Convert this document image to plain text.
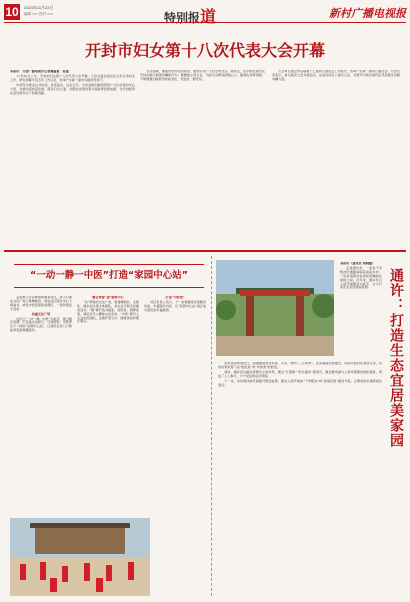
10	2024年11月22日
编辑 ××× 校对 ×××	特别报道	新村广播电视报
开封市妇女第十八次代表大会开幕

本报讯　开封广播电视台记者魏嘉萱　报道

11月20日上午，开封市妇女第十八次代表大会开幕。大会全面总结过去五年全市妇女工作，研究部署今后五年工作任务，选举产生新一届市妇联领导班子。

市领导出席会议并讲话。讲话指出，过去五年，全市各级妇联组织和广大妇女紧扣中心大局，在推动高质量发展、服务妇女儿童、加强自身建设等方面取得显著成绩，为开封经济社会发展作出了积极贡献。

会议强调，要始终坚持党的领导，团结引领广大妇女听党话、跟党走，在中国式现代化开封实践中展现巾帼新作为；要聚焦主责主业，当好妇女群众的贴心人；要深化改革创新，不断增强妇联组织的政治性、先进性、群众性。

大会审议通过市妇联第十七届执行委员会工作报告，选举产生新一届执行委员会。与会代表表示，将以此次大会为新起点，在各自岗位上建功立业，为谱写中国式现代化开封篇章贡献巾帼力量。

“一动一静一中医”打造“家园中心站”

走进禹王台区繁塔街道某社区，老人们或在文化广场上跳舞健身，或在社区服务中心下棋看书，或在中医馆里接受理疗，一派和谐安宁景象。

共建文化广场

社区以“一动一静一中医”为抓手，整合辖区资源，打造集文化娱乐、日间照料、中医养生于一体的“家园中心站”，让居民在家门口就能享受到便捷服务。

整合资源“造”服务中心

“动”即建设文化广场，组建舞蹈队、太极队、健步走队等文体团队，常态化开展全民健身活动；“静”即打造书画室、阅览室、棋牌室等，满足老年人精神文化需求；“中医”即引入专业中医团队，定期开展义诊、健康讲座和理疗服务。

打造“中医馆”

社区负责人表示，下一步将继续完善服务功能，丰富服务内容，让“家园中心站”真正成为居民的幸福港湾。

本报讯（通讯员 胡晓霞）

走进通许县，一条条干净整洁的道路串联起美丽乡村，一座座错落有致的民居掩映在绿树之间。近年来，通许县以人居环境整治为抓手，全力打造生态宜居美丽家园。	通许：打造生态宜居美家园

该县坚持规划先行，统筹推进农村垃圾、污水、厕所“三大革命”，完善基础设施建设，持续开展村庄清洁行动，村容村貌实现了由“脏乱差”向“净绿美”的转变。

同时，通许县注重发挥群众主体作用，通过“红黑榜”“积分超市”等形式，激发群众参与人居环境整治的积极性，形成了人人参与、户户受益的良好氛围。

下一步，该县将持续巩固提升整治成果，推动人居环境由“干净整洁”向“美丽宜居”提档升级，让群众的幸福感成色更足。
